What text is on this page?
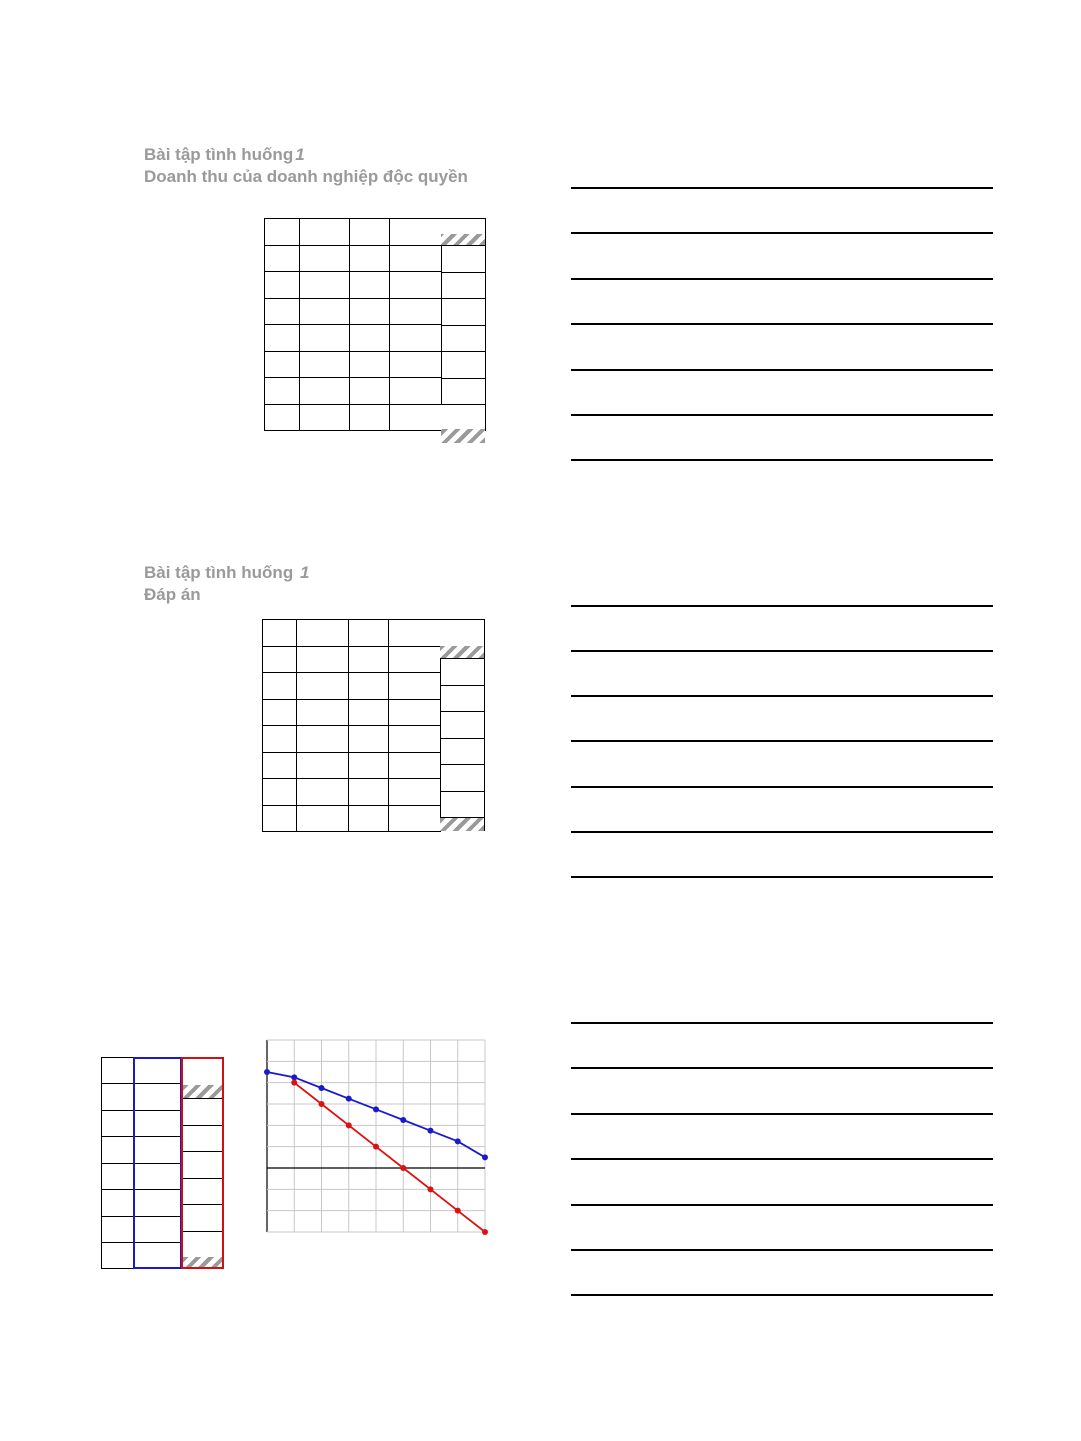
Bài tập tình huống 1
Doanh thu của doanh nghiệp độc quyền

Bài tập tình huống 1
Đáp án
